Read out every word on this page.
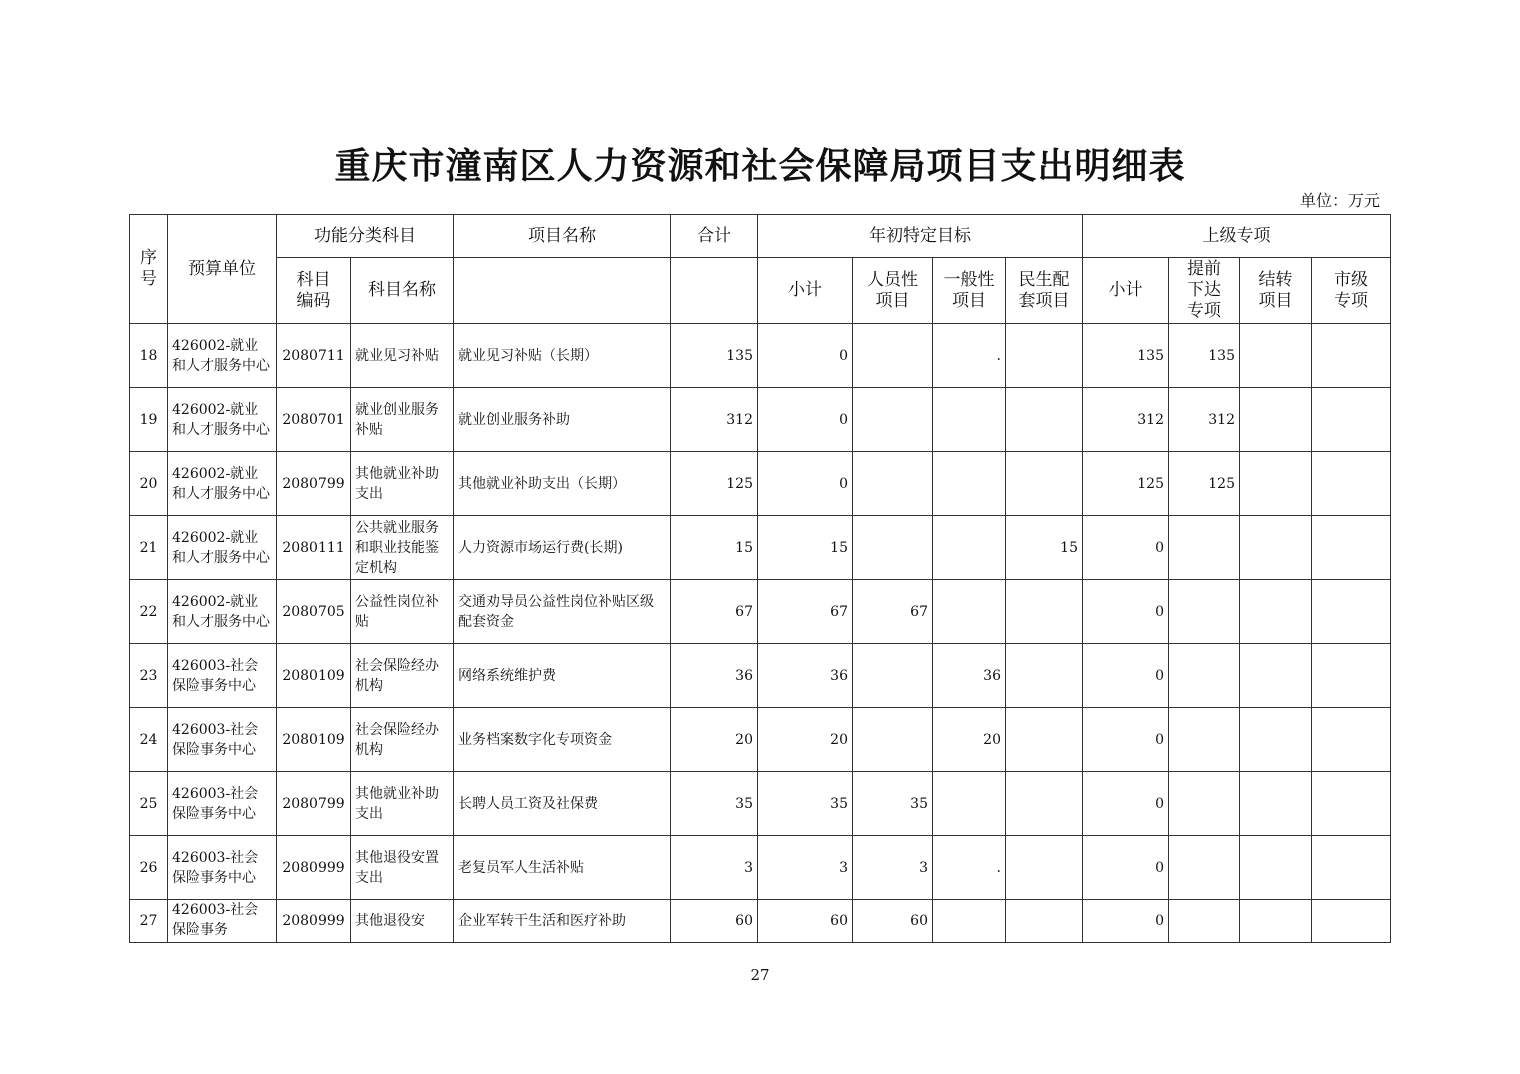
重庆市潼南区人力资源和社会保障局项目支出明细表
单位：万元
序号	预算单位	功能分类科目		项目名称	合计	年初特定目标				上级专项			
		科目编码	科目名称			小计	人员性项目	一般性项目	民生配套项目	小计	提前下达专项	结转项目	市级专项
18	426002-就业和人才服务中心	2080711	就业见习补贴	就业见习补贴（长期）	135	0		.		135	135		
19	426002-就业和人才服务中心	2080701	就业创业服务补贴	就业创业服务补助	312	0				312	312		
20	426002-就业和人才服务中心	2080799	其他就业补助支出	其他就业补助支出（长期）	125	0				125	125		
21	426002-就业和人才服务中心	2080111	公共就业服务和职业技能鉴定机构	人力资源市场运行费(长期)	15	15			15	0			
22	426002-就业和人才服务中心	2080705	公益性岗位补贴	交通劝导员公益性岗位补贴区级配套资金	67	67	67			0			
23	426003-社会保险事务中心	2080109	社会保险经办机构	网络系统维护费	36	36		36		0			
24	426003-社会保险事务中心	2080109	社会保险经办机构	业务档案数字化专项资金	20	20		20		0			
25	426003-社会保险事务中心	2080799	其他就业补助支出	长聘人员工资及社保费	35	35	35			0			
26	426003-社会保险事务中心	2080999	其他退役安置支出	老复员军人生活补贴	3	3	3	.		0			
27	426003-社会保险事务	2080999	其他退役安	企业军转干生活和医疗补助	60	60	60			0			
27
